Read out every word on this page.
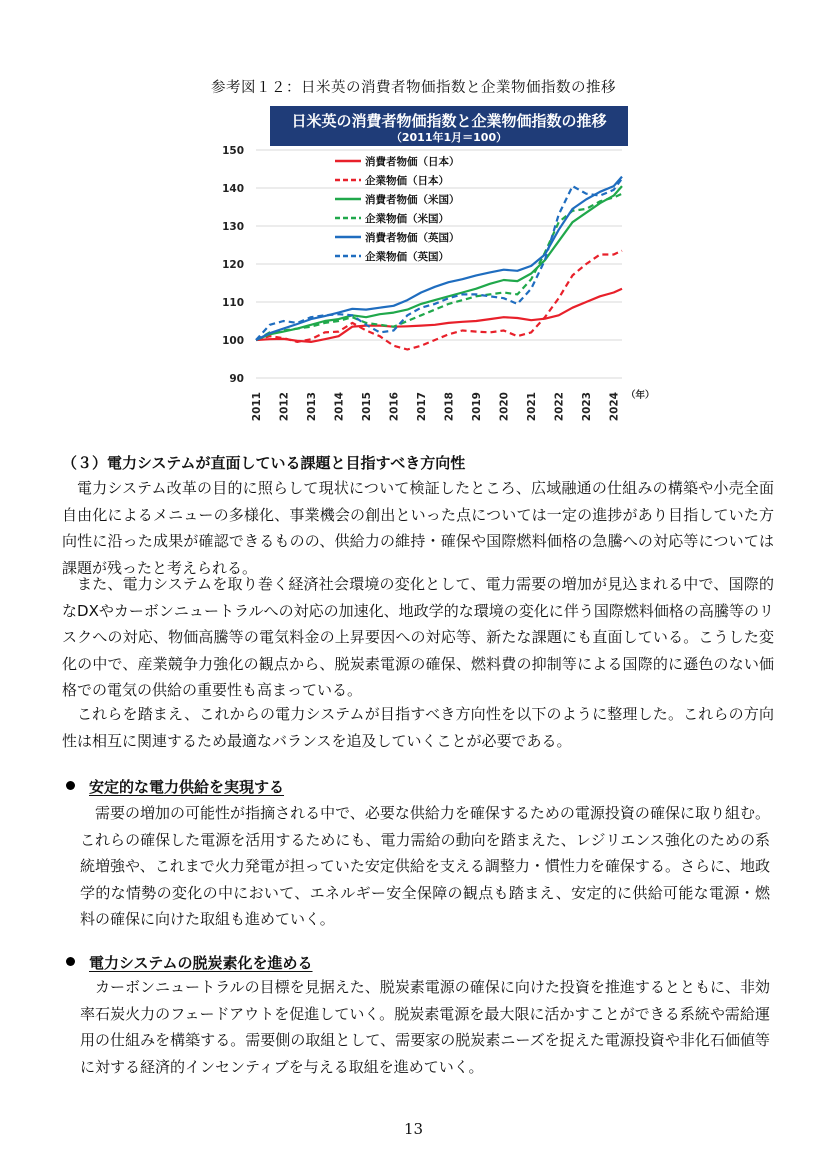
参考図１２：日米英の消費者物価指数と企業物価指数の推移
日米英の消費者物価指数と企業物価指数の推移
（2011年1月＝100）
90
100
110
120
130
140
150
2011 2012 2013 2014 2015 2016 2017 2018 2019 2020 2021 2022 2023 2024 （年）
消費者物価（日本）
企業物価（日本）
消費者物価（米国）
企業物価（米国）
消費者物価（英国）
企業物価（英国）
（３）電力システムが直面している課題と目指すべき方向性

電力システム改革の目的に照らして現状について検証したところ、広域融通の仕組みの構築や小売全面自由化によるメニューの多様化、事業機会の創出といった点については一定の進捗があり目指していた方向性に沿った成果が確認できるものの、供給力の維持・確保や国際燃料価格の急騰への対応等については課題が残ったと考えられる。

また、電力システムを取り巻く経済社会環境の変化として、電力需要の増加が見込まれる中で、国際的なDXやカーボンニュートラルへの対応の加速化、地政学的な環境の変化に伴う国際燃料価格の高騰等のリスクへの対応、物価高騰等の電気料金の上昇要因への対応等、新たな課題にも直面している。こうした変化の中で、産業競争力強化の観点から、脱炭素電源の確保、燃料費の抑制等による国際的に遜色のない価格での電気の供給の重要性も高まっている。

これらを踏まえ、これからの電力システムが目指すべき方向性を以下のように整理した。これらの方向性は相互に関連するため最適なバランスを追及していくことが必要である。

安定的な電力供給を実現する

需要の増加の可能性が指摘される中で、必要な供給力を確保するための電源投資の確保に取り組む。これらの確保した電源を活用するためにも、電力需給の動向を踏まえた、レジリエンス強化のための系統増強や、これまで火力発電が担っていた安定供給を支える調整力・慣性力を確保する。さらに、地政学的な情勢の変化の中において、エネルギー安全保障の観点も踏まえ、安定的に供給可能な電源・燃料の確保に向けた取組も進めていく。

電力システムの脱炭素化を進める

カーボンニュートラルの目標を見据えた、脱炭素電源の確保に向けた投資を推進するとともに、非効率石炭火力のフェードアウトを促進していく。脱炭素電源を最大限に活かすことができる系統や需給運用の仕組みを構築する。需要側の取組として、需要家の脱炭素ニーズを捉えた電源投資や非化石価値等に対する経済的インセンティブを与える取組を進めていく。

13
